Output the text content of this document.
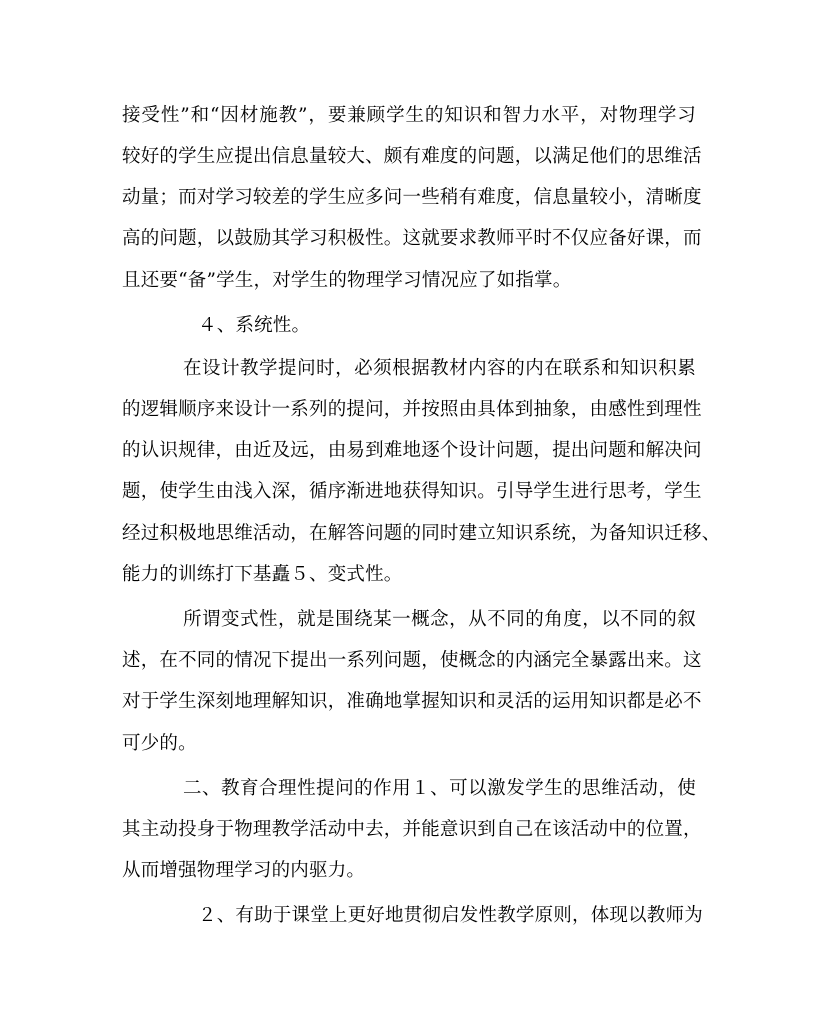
接受性”和“因材施教”，要兼顾学生的知识和智力水平，对物理学习
较好的学生应提出信息量较大、颇有难度的问题，以满足他们的思维活
动量；而对学习较差的学生应多问一些稍有难度，信息量较小，清晰度
高的问题，以鼓励其学习积极性。这就要求教师平时不仅应备好课，而
且还要“备”学生，对学生的物理学习情况应了如指掌。
４、系统性。
在设计教学提问时，必须根据教材内容的内在联系和知识积累
的逻辑顺序来设计一系列的提问，并按照由具体到抽象，由感性到理性
的认识规律，由近及远，由易到难地逐个设计问题，提出问题和解决问
题，使学生由浅入深，循序渐进地获得知识。引导学生进行思考，学生
经过积极地思维活动，在解答问题的同时建立知识系统，为备知识迁移、
能力的训练打下基矗５、变式性。
所谓变式性，就是围绕某一概念，从不同的角度，以不同的叙
述，在不同的情况下提出一系列问题，使概念的内涵完全暴露出来。这
对于学生深刻地理解知识，准确地掌握知识和灵活的运用知识都是必不
可少的。
二、教育合理性提问的作用１、可以激发学生的思维活动，使
其主动投身于物理教学活动中去，并能意识到自己在该活动中的位置，
从而增强物理学习的内驱力。
２、有助于课堂上更好地贯彻启发性教学原则，体现以教师为
